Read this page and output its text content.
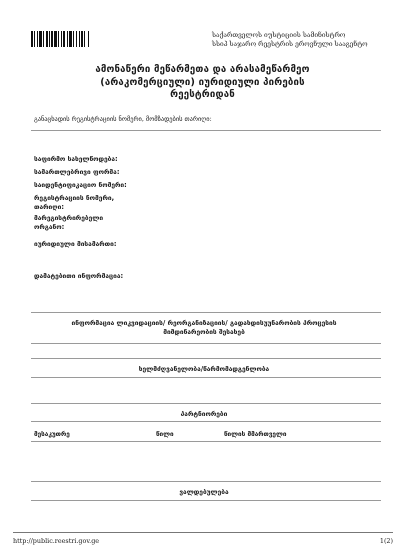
საქართველოს იუსტიციის სამინისტრო
სსიპ საჯარო რეესტრის ეროვნული სააგენტო
ამონაწერი მეწარმეთა და არასამეწარმეო
(არაკომერციული) იურიდიული პირების
რეესტრიდან
განაცხადის რეგისტრაციის ნომერი, მომზადების თარიღი:
საფირმო სახელწოდება:
სამართლებრივი ფორმა:
საიდენტიფიკაციო ნომერი:
რეგისტრაციის ნომერი, თარიღი:
მარეგისტრირებელი ორგანო:
იურიდიული მისამართი:
დამატებითი ინფორმაცია:
ინფორმაცია ლიკვიდაციის/ რეორგანიზაციის/ გადახდისუუნარობის პროცესის
მიმდინარეობის შესახებ
ხელმძღვანელობა/წარმომადგენლობა
პარტნიორები
მესაკუთრე	წილი	წილის მმართველი
ვალდებულება
http://public.reestri.gov.ge	1(2)
